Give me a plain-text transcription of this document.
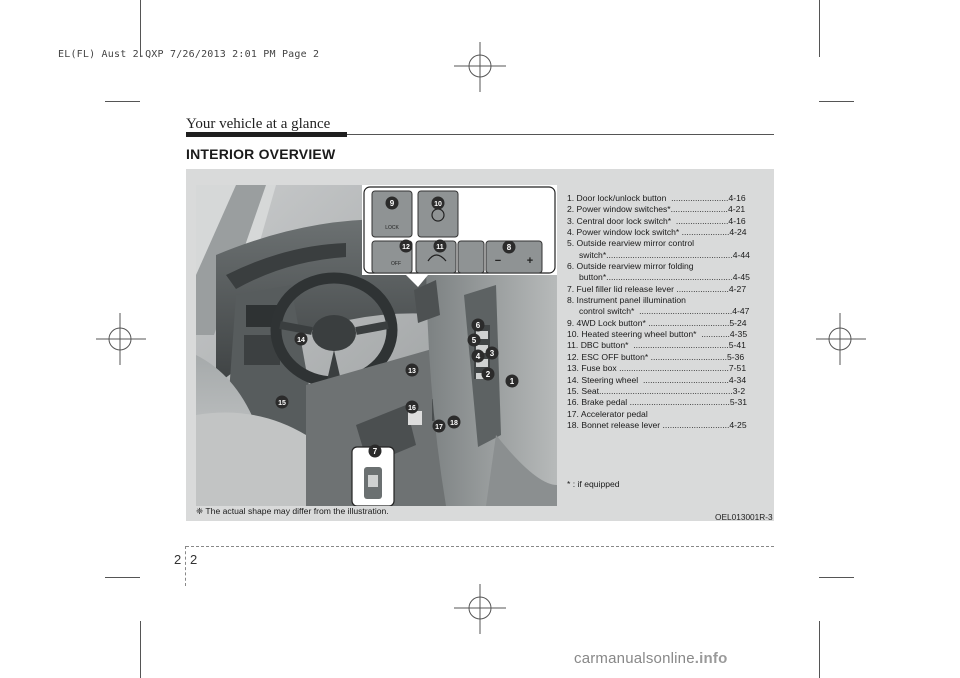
EL(FL) Aust 2.QXP 7/26/2013 2:01 PM Page 2
Your vehicle at a glance
INTERIOR OVERVIEW
LOCK
OFF	− +
9	10
12	11	8
6
5
4 3
2
1
14
13
15
16
17
18
7
1. Door lock/unlock button  ........................4-16
2. Power window switches*........................4-21
3. Central door lock switch*  ......................4-16
4. Power window lock switch* ....................4-24
5. Outside rearview mirror control
switch*.....................................................4-44
6. Outside rearview mirror folding
button*.....................................................4-45
7. Fuel filler lid release lever ......................4-27
8. Instrument panel illumination
control switch*  .......................................4-47
9. 4WD Lock button* ..................................5-24
10. Heated steering wheel button*  ............4-35
11. DBC button*  ........................................5-41
12. ESC OFF button* ................................5-36
13. Fuse box ..............................................7-51
14. Steering wheel  ....................................4-34
15. Seat........................................................3-2
16. Brake pedal ..........................................5-31
17. Accelerator pedal
18. Bonnet release lever ............................4-25
* : if equipped
❈ The actual shape may differ from the illustration.
OEL013001R-3
2 2
carmanualsonline.info
